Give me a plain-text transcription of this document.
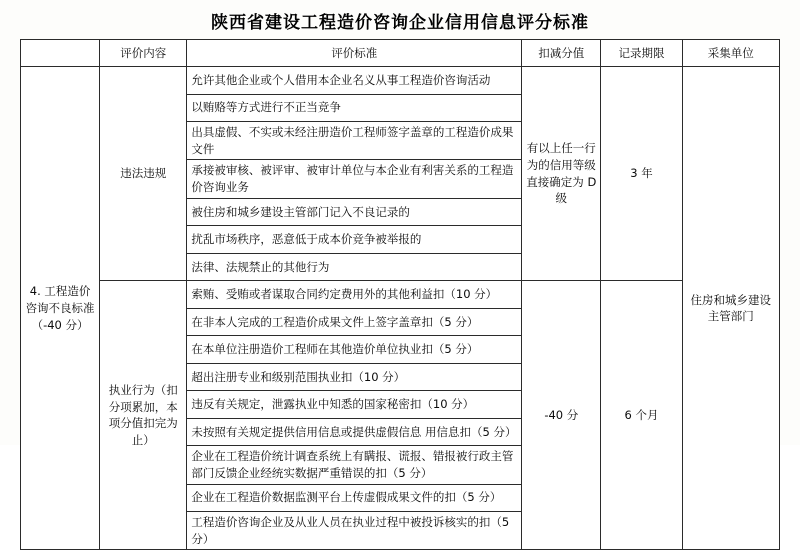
陕西省建设工程造价咨询企业信用信息评分标准
	评价内容	评价标准	扣减分值	记录期限	采集单位
4. 工程造价咨询不良标准（-40 分）	违法违规	允许其他企业或个人借用本企业名义从事工程造价咨询活动	有以上任一行为的信用等级直接确定为 D 级	3 年	住房和城乡建设主管部门
		以贿赂等方式进行不正当竞争			
		出具虚假、不实或未经注册造价工程师签字盖章的工程造价成果文件			
		承接被审核、被评审、被审计单位与本企业有利害关系的工程造价咨询业务			
		被住房和城乡建设主管部门记入不良记录的			
		扰乱市场秩序，恶意低于成本价竞争被举报的			
		法律、法规禁止的其他行为			
	执业行为（扣分项累加，本项分值扣完为止）	索贿、受贿或者谋取合同约定费用外的其他利益扣（10 分）	-40 分	6 个月	
		在非本人完成的工程造价成果文件上签字盖章扣（5 分）			
		在本单位注册造价工程师在其他造价单位执业扣（5 分）			
		超出注册专业和级别范围执业扣（10 分）			
		违反有关规定，泄露执业中知悉的国家秘密扣（10 分）			
		未按照有关规定提供信用信息或提供虚假信息 用信息扣（5 分）			
		企业在工程造价统计调查系统上有瞒报、谎报、错报被行政主管部门反馈企业经统实数据严重错误的扣（5 分）			
		企业在工程造价数据监测平台上传虚假成果文件的扣（5 分）			
		工程造价咨询企业及从业人员在执业过程中被投诉核实的扣（5 分）			
